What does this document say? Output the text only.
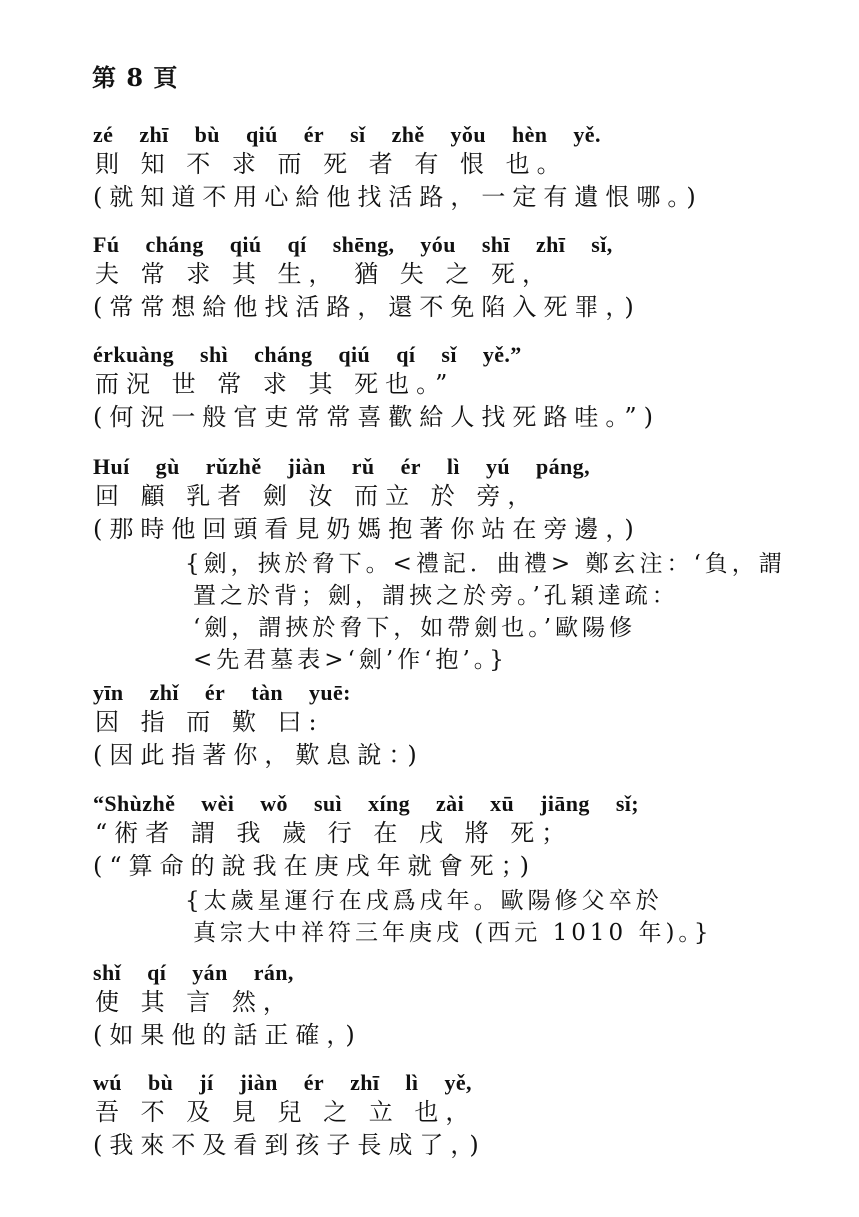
第 8 頁
zé zhī bù qiú ér sǐ zhě yǒu hèn yě.
則 知 不 求 而 死 者 有 恨 也。
(就知道不用心給他找活路，一定有遺恨哪。)
Fú cháng qiú qí shēng, yóu shī zhī sǐ,
夫 常 求 其 生， 猶 失 之 死，
(常常想給他找活路，還不免陷入死罪，)
érkuàng shì cháng qiú qí sǐ yě.”
而況 世 常 求 其 死也。”
(何況一般官吏常常喜歡給人找死路哇。”)
Huí gù rǔzhě jiàn rǔ ér lì yú páng,
回 顧 乳者 劍 汝 而立 於 旁，
(那時他回頭看見奶媽抱著你站在旁邊，)
{劍，挾於脅下。<禮記．曲禮> 鄭玄注：‘負，謂
置之於背；劍，謂挾之於旁。’孔穎達疏：
‘劍，謂挾於脅下，如帶劍也。’歐陽修
<先君墓表>‘劍’作‘抱’。}
yīn zhǐ ér tàn yuē:
因 指 而 歎 曰:
(因此指著你，歎息說：)
“Shùzhě wèi wǒ suì xíng zài xū jiāng sǐ;
“術者 謂 我 歲 行 在 戌 將 死；
(“算命的說我在庚戌年就會死；)
{太歲星運行在戌爲戌年。歐陽修父卒於
真宗大中祥符三年庚戌 (西元 1010 年)。}
shǐ qí yán rán,
使 其 言 然，
(如果他的話正確，)
wú bù jí jiàn ér zhī lì yě,
吾 不 及 見 兒 之 立 也，
(我來不及看到孩子長成了，)
